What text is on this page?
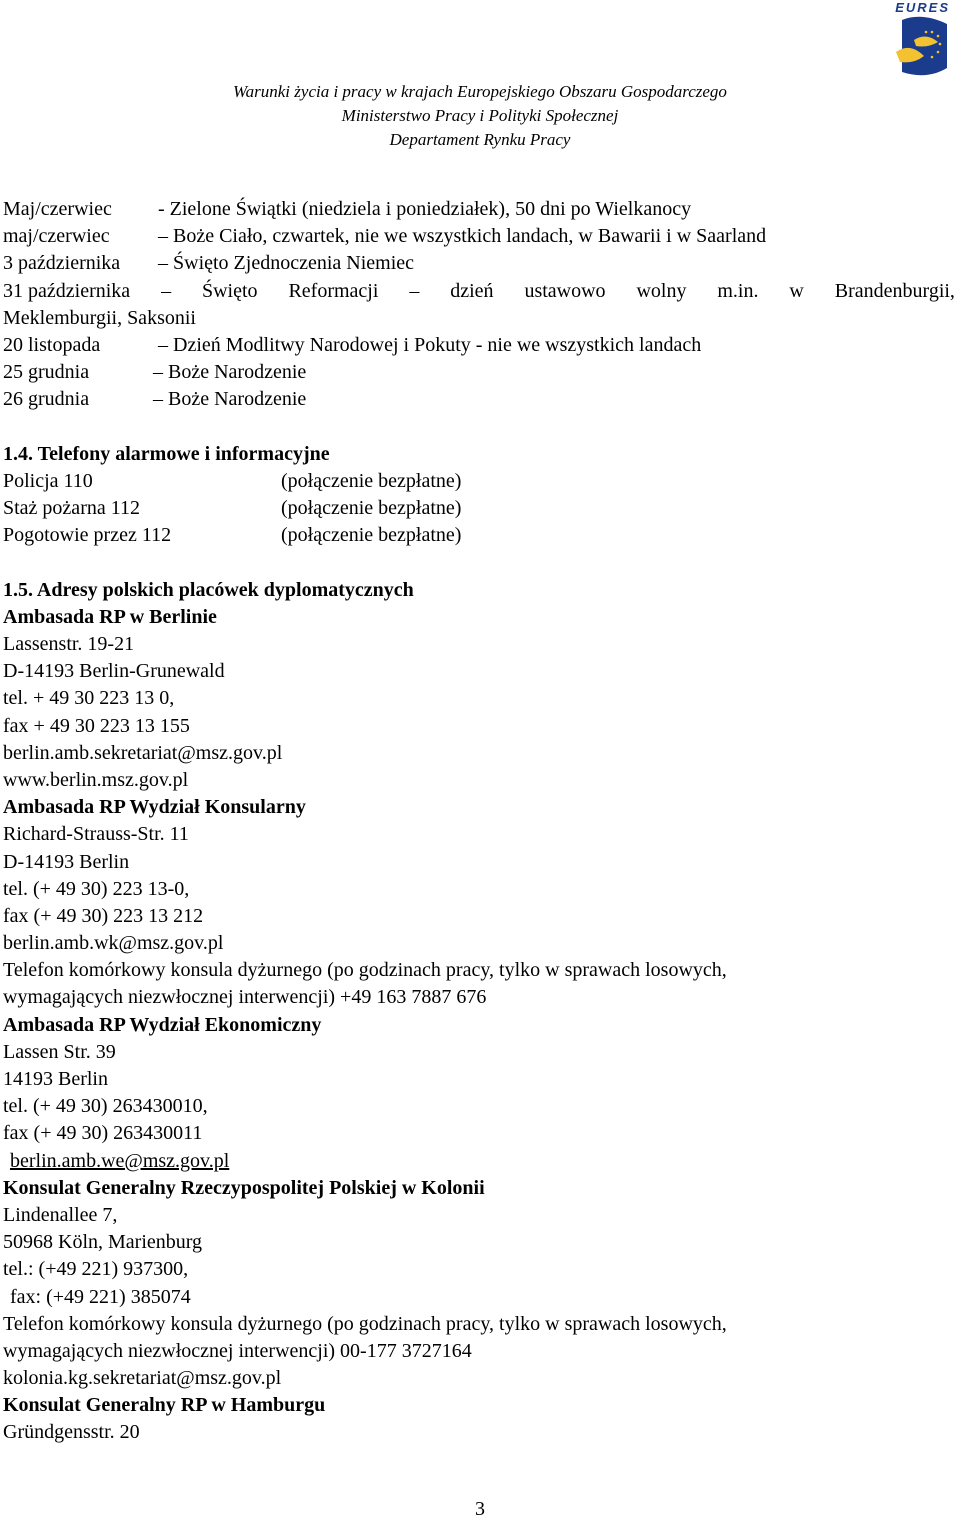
EURES
Warunki życia i pracy w krajach Europejskiego Obszaru Gospodarczego
Ministerstwo Pracy i Polityki Społecznej
Departament Rynku Pracy
Maj/czerwiec	- Zielone Świątki (niedziela i poniedziałek), 50 dni po Wielkanocy
maj/czerwiec	– Boże Ciało, czwartek, nie we wszystkich landach, w Bawarii i w Saarland
3 października	– Święto Zjednoczenia Niemiec
31 października – Święto Reformacji – dzień ustawowo wolny m.in. w Brandenburgii,
Meklemburgii, Saksonii
20 listopada	– Dzień Modlitwy Narodowej i Pokuty - nie we wszystkich landach
25 grudnia	– Boże Narodzenie
26 grudnia	– Boże Narodzenie
1.4. Telefony alarmowe i informacyjne
Policja 110	(połączenie bezpłatne)
Staż pożarna 112	(połączenie bezpłatne)
Pogotowie przez 112	(połączenie bezpłatne)
1.5. Adresy polskich placówek dyplomatycznych
Ambasada RP w Berlinie
Lassenstr. 19-21
D-14193 Berlin-Grunewald
tel. + 49 30 223 13 0,
fax + 49 30 223 13 155
berlin.amb.sekretariat@msz.gov.pl
www.berlin.msz.gov.pl
Ambasada RP Wydział Konsularny
Richard-Strauss-Str. 11
D-14193 Berlin
tel. (+ 49 30) 223 13-0,
fax (+ 49 30) 223 13 212
berlin.amb.wk@msz.gov.pl
Telefon komórkowy konsula dyżurnego (po godzinach pracy, tylko w sprawach losowych,
wymagających niezwłocznej interwencji) +49 163 7887 676
Ambasada RP Wydział Ekonomiczny
Lassen Str. 39
14193 Berlin
tel. (+ 49 30) 263430010,
fax (+ 49 30) 263430011
berlin.amb.we@msz.gov.pl
Konsulat Generalny Rzeczypospolitej Polskiej w Kolonii
Lindenallee 7,
50968 Köln, Marienburg
tel.: (+49 221) 937300,
fax: (+49 221) 385074
Telefon komórkowy konsula dyżurnego (po godzinach pracy, tylko w sprawach losowych,
wymagających niezwłocznej interwencji) 00-177 3727164
kolonia.kg.sekretariat@msz.gov.pl
Konsulat Generalny RP w Hamburgu
Gründgensstr. 20
3
